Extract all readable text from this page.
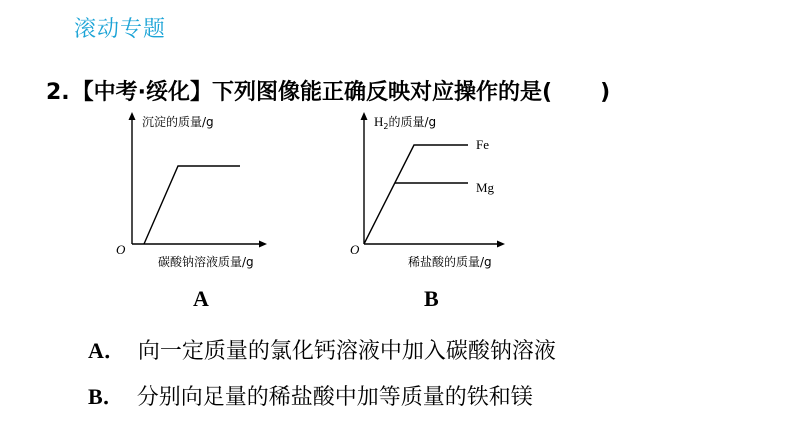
滚动专题
2.【中考·绥化】下列图像能正确反映对应操作的是( )
沉淀的质量/g
O
碳酸钠溶液质量/g
$H_2$的质量/g
Fe
Mg
O
稀盐酸的质量/g
A	B
A． 向一定质量的氯化钙溶液中加入碳酸钠溶液
B． 分别向足量的稀盐酸中加等质量的铁和镁
